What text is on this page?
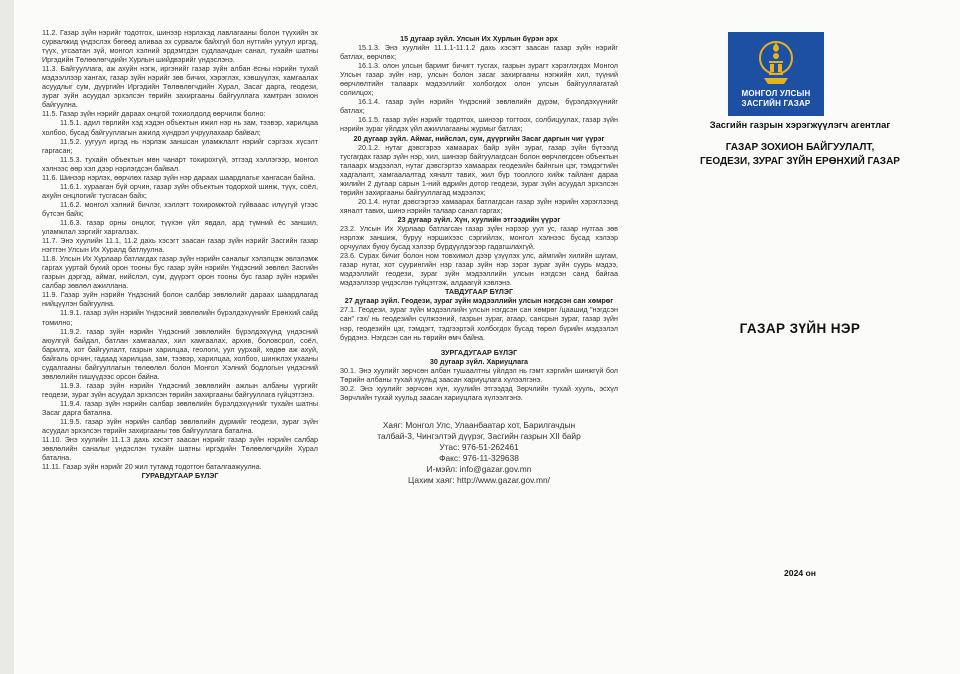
11.2. Газар зүйн нэрийг тодотгох, шинээр нэрлэхэд лавлагааны болон түүхийн эх сурвалжид үндэслэх бөгөөд аливаа эх сурвалж байхгүй бол нутгийн уугуул иргэд, түүх, угсаатан зүй, монгол хэлний эрдэмтдэн судлаачдын санал, тухайн шатны Иргэдийн Төлөөлөгчдийн Хурлын шийдвэрийг үндэслэнэ.

11.3. Байгууллага, аж ахуйн нэгж, иргэнийг газар зүйн албан ёсны нэрийн тухай мэдээллээр хангах, газар зүйн нэрийг зөв бичих, хэрэглэх, хэвшүүлэх, хамгаалах асуудлыг сум, дүүргийн Иргэдийн Төлөөлөгчдийн Хурал, Засаг дарга, геодези, зураг зүйн асуудал эрхэлсэн төрийн захиргааны байгууллага хамтран зохион байгуулна.

11.5. Газар зүйн нэрийг дараах онцгой тохиолдолд өөрчилж болно:

11.5.1. адил төрлийн хэд хэдэн объектын ижил нэр нь зам, тээвэр, харилцаа холбоо, бусад байгууллагын ажилд хүндрэл учруулахаар байвал;

11.5.2. уугуул иргэд нь нэрлэж заншсан уламжлалт нэрийг сэргээх хүсэлт гаргасан;

11.5.3. тухайн объектын мөн чанарт тохирохгүй, этгээд хэллэгээр, монгол хэлнээс өөр хэл дээр нэрлэгдсэн байвал.

11.6. Шинээр нэрлэх, өөрчлөх газар зүйн нэр дараах шаардлагыг хангасан байна.

11.6.1. хурааган бүй орчин, газар зүйн объектын тодорхой шинж, түүх, соёл, ахуйн онцлогийг тусгасан байх;

11.6.2. монгол хэлний бичлэг, хэллэгт тохиромжтой гүйвааас илүүгүй үгээс бүтсэн байх;

11.6.3. газар орны онцлог, түүхэн үйл явдал, ард түмний ёс заншил, уламжлал зэргийг харгалзах.

11.7. Энэ хуулийн 11.1, 11.2 дахь хэсэгт заасан газар зүйн нэрийг Засгийн газар нэгтгэн Улсын Их Хуралд батлуулна.

11.8. Улсын Их Хурлаар батлагдах газар зүйн нэрийн саналыг хэлэлцэж эвлэлэмж гаргах ууртай бүхий орон тооны бус газар зүйн нэрийн Үндэсний зөвлөл Засгийн газрын дэргэд, аймаг, нийслэл, сум, дүүрэгт орон тооны бус газар зүйн нэрийн салбар зөвлөл ажиллана.

11.9. Газар зүйн нэрийн Үндэсний болон салбар зөвлөлийг дараах шаардлагад нийцүүлэн байгуулна.

11.9.1. газар зүйн нэрийн Үндэсний зөвлөлийн бүрэлдэхүүнийг Ерөнхий сайд томилно;

11.9.2. газар зүйн нэрийн Үндэсний зөвлөлийн бүрэлдэхүүнд үндэсний аюулгүй байдал, батлан хамгаалах, хил хамгаалах, архив, боловсрол, соёл, барилга, хот байгуулалт, газрын харилцаа, геологи, уул уурхай, хөдөө аж ахуй, байгаль орчин, гадаад харилцаа, зам, тээвэр, харилцаа, холбоо, шинжлэх ухааны судалгааны байгууллагын төлөөлөл болон Монгол Хэлний бодлогын үндэсний зөвлөлийн гишүүдээс орсон байна.

11.9.3. газар зүйн нэрийн Үндэсний зөвлөлийн ажлын албаны үүргийг геодези, зураг зүйн асуудал эрхэлсэн төрийн захиргааны байгууллага гүйцэтгэнэ.

11.9.4. газар зүйн нэрийн салбар зөвлөлийн бүрэлдэхүүнийг тухайн шатны Засаг дарга батална.

11.9.5. газар зүйн нэрийн салбар зөвлөлийн дүрмийг геодези, зураг зүйн асуудал эрхэлсэн төрийн захиргааны төв байгууллага батална.

11.10. Энэ хуулийн 11.1.3 дахь хэсэгт заасан нэрийг газар зүйн нэрийн салбар зөвлөлийн саналыг үндэслэн тухайн шатны иргэдийн Төлөөлөгчдийн Хурал батална.

11.11. Газар зүйн нэрийг 20 жил тутамд тодотгон баталгаажуулна.

ГУРАВДУГААР БҮЛЭГ

15 дугаар зүйл. Улсын Их Хурлын бүрэн эрх

15.1.3. Энэ хуулийн 11.1.1-11.1.2 дахь хэсэгт заасан газар зүйн нэрийг батлах, өөрчлөх;

16.1.3. олон улсын баримт бичигт тусгах, газрын зурагт хэрэглэгдэх Монгол Улсын газар зүйн нэр, улсын болон засаг захиргааны нэгжийн хил, түүний өөрчлөлтийн талаарх мэдээллийг холбогдох олон улсын байгууллагатай солилцох;

16.1.4. газар зүйн нэрийн Үндэсний зөвлөлийн дүрэм, бүрэлдэхүүнийг батлах;

16.1.5. газар зүйн нэрийг тодотгох, шинээр тогтоох, солбицуулах, газар зүйн нэрийн зураг үйлдэх үйл ажиллагааны журмыг батлах;

20 дугаар зүйл. Аймаг, нийслэл, сум, дүүргийн Засаг даргын чиг үүрэг

20.1.2. нутаг дэвсгэрээ хамаарах байр зүйн зураг, газар зүйн бүтээлд тусгагдах газар зүйн нэр, хил, шинээр байгуулагдсан болон өөрчлөгдсөн объектын талаарх мэдээлэл, нутаг дэвсгэртээ хамаарах геодезийн байнгын цэг, тэмдэгтийн хадгалалт, хамгаалалтад хяналт тавих, жил бүр тооллого хийж тайланг дараа жилийн 2 дугаар сарын 1-ний өдрийн дотор геодези, зураг зүйн асуудал эрхэлсэн төрийн захиргааны байгууллагад мэдээлэх;

20.1.4. нутаг дэвсгэртээ хамаарах батлагдсан газар зүйн нэрийн хэрэглээнд хяналт тавих, шинэ нэрийн талаар санал гаргах;

23 дугаар зүйл. Хүн, хуулийн этгээдийн үүрэг

23.2. Улсын Их Хурлаар батлагсан газар зүйн нэрээр уул ус, газар нутгаа зөв нэрлэж заншиж, буруу нэршихээс сэргийлэх, монгол хэлнээс бусад хэлээр орчуулах буюу бусад хэлээр бүрдүүлдэгээр гадагшлахгүй.

23.6. Сурах бичиг болон ном товхимол дээр үзүүлэх улс, аймгийн хилийн шугам, газар нутаг, хот суурингийн нэр газар зүйн нэр зэрэг зураг зүйн суурь мэдээ, мэдээллийг геодези, зураг зүйн мэдээллийн улсын нэгдсэн санд байгаа мэдээллээр үндэслэн гүйцэтгэж, алдаагүй хэвлэнэ.

ТАВДУГААР БҮЛЭГ

27 дугаар зүйл. Геодези, зураг зүйн мэдээллийн улсын нэгдсэн сан хөмрөг

27.1. Геодези, зураг зүйн мэдээллийн улсын нэгдсэн сан хөмрөг /цаашид "нэгдсэн сан" гэх/ нь геодезийн сүлжээний, газрын зураг, агаар, сансрын зураг, газар зүйн нэр, геодезийн цэг, тэмдэгт, тэдгээртэй холбогдох бусад төрөл бүрийн мэдээлэл бүрдэнэ. Нэгдсэн сан нь төрийн өмч байна.

ЗУРГАДУГААР БҮЛЭГ

30 дугаар зүйл. Хариуцлага

30.1. Энэ хуулийг зөрчсөн албан тушаалтны үйлдэл нь гэмт хэргийн шинжгүй бол Төрийн албаны тухай хуульд заасан хариуцлага хүлээлгэнэ.

30.2. Энэ хуулийг зөрчсөн хүн, хуулийн этгээдэд Зөрчлийн тухай хууль, эсхүл Зөрчлийн тухай хуульд заасан хариуцлага хүлээлгэнэ.

Хаяг: Монгол Улс, Улаанбаатар хот, Барилгачдын

талбай-3, Чингэлтэй дүүрэг, Засгийн газрын XII байр

Утас: 976-51-262461

Факс: 976-11-329638

И-мэйл: info@gazar.gov.mn

Цахим хаяг: http://www.gazar.gov.mn/

МОНГОЛ УЛСЫН
ЗАСГИЙН ГАЗАР
Засгийн газрын хэрэгжүүлэгч агентлаг
ГАЗАР ЗОХИОН БАЙГУУЛАЛТ,
ГЕОДЕЗИ, ЗУРАГ ЗҮЙН ЕРӨНХИЙ ГАЗАР
ГАЗАР ЗҮЙН НЭР
2024 он
